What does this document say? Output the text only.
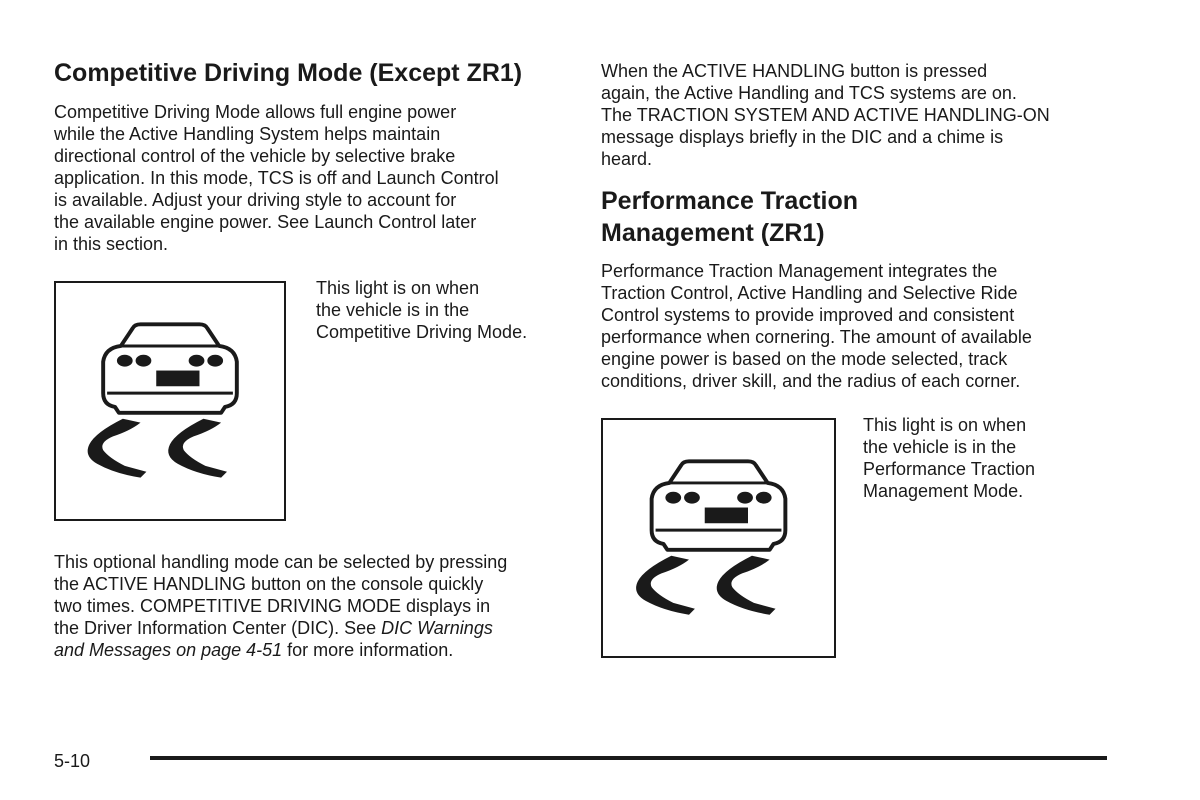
Competitive Driving Mode (Except ZR1)

Competitive Driving Mode allows full engine power
while the Active Handling System helps maintain
directional control of the vehicle by selective brake
application. In this mode, TCS is off and Launch Control
is available. Adjust your driving style to account for
the available engine power. See Launch Control later
in this section.

This light is on when
the vehicle is in the
Competitive Driving Mode.

This optional handling mode can be selected by pressing
the ACTIVE HANDLING button on the console quickly
two times. COMPETITIVE DRIVING MODE displays in
the Driver Information Center (DIC). See DIC Warnings
and Messages on page 4-51 for more information.

When the ACTIVE HANDLING button is pressed
again, the Active Handling and TCS systems are on.
The TRACTION SYSTEM AND ACTIVE HANDLING-ON
message displays briefly in the DIC and a chime is
heard.

Performance Traction
Management (ZR1)

Performance Traction Management integrates the
Traction Control, Active Handling and Selective Ride
Control systems to provide improved and consistent
performance when cornering. The amount of available
engine power is based on the mode selected, track
conditions, driver skill, and the radius of each corner.

This light is on when
the vehicle is in the
Performance Traction
Management Mode.

5-10
